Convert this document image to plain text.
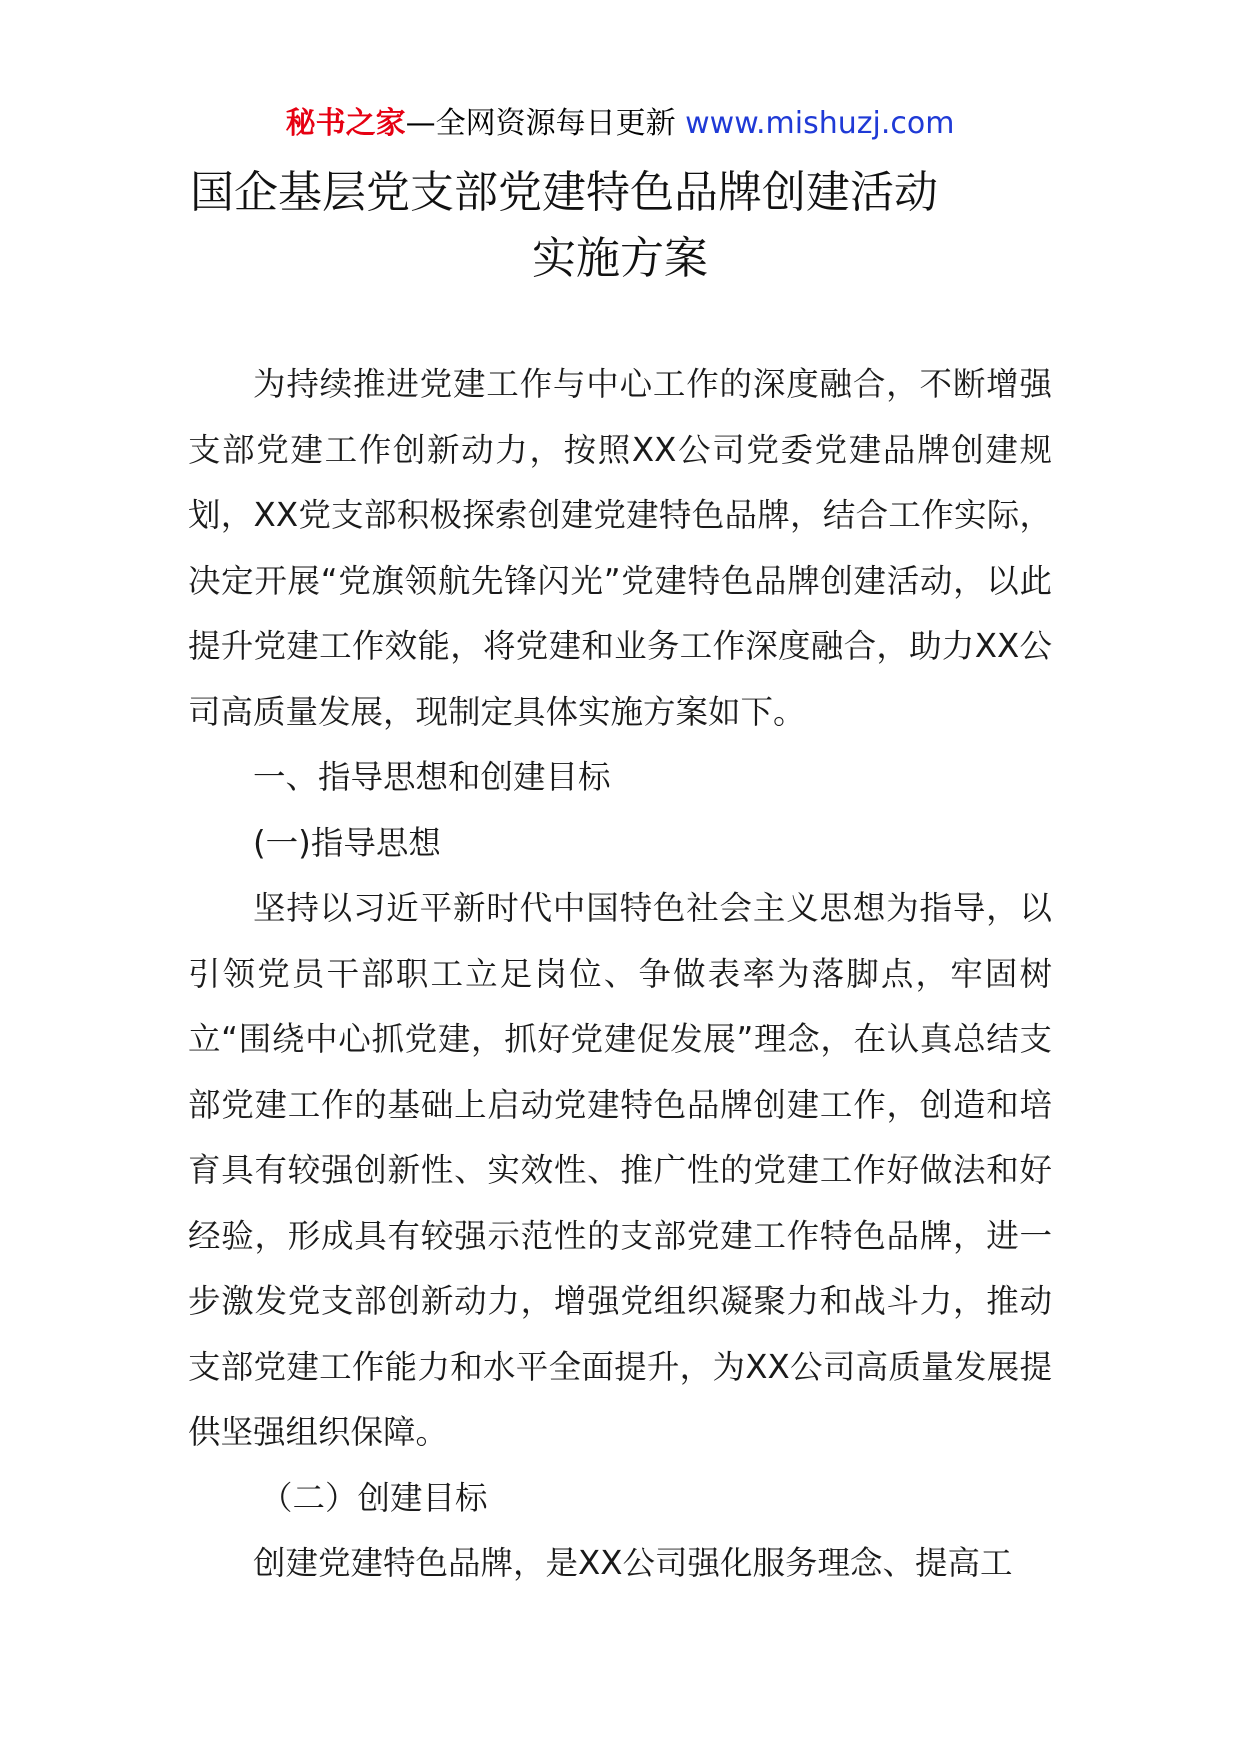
秘书之家—全网资源每日更新 www.mishuzj.com
国企基层党支部党建特色品牌创建活动
实施方案

为持续推进党建工作与中心工作的深度融合，不断增强支部党建工作创新动力，按照XX公司党委党建品牌创建规划，XX党支部积极探索创建党建特色品牌，结合工作实际，决定开展“党旗领航先锋闪光”党建特色品牌创建活动，以此提升党建工作效能，将党建和业务工作深度融合，助力XX公司高质量发展，现制定具体实施方案如下。

一、指导思想和创建目标

(一)指导思想

坚持以习近平新时代中国特色社会主义思想为指导，以引领党员干部职工立足岗位、争做表率为落脚点，牢固树立“围绕中心抓党建，抓好党建促发展”理念，在认真总结支部党建工作的基础上启动党建特色品牌创建工作，创造和培育具有较强创新性、实效性、推广性的党建工作好做法和好经验，形成具有较强示范性的支部党建工作特色品牌，进一步激发党支部创新动力，增强党组织凝聚力和战斗力，推动支部党建工作能力和水平全面提升，为XX公司高质量发展提供坚强组织保障。

（二）创建目标

创建党建特色品牌，是XX公司强化服务理念、提高工
